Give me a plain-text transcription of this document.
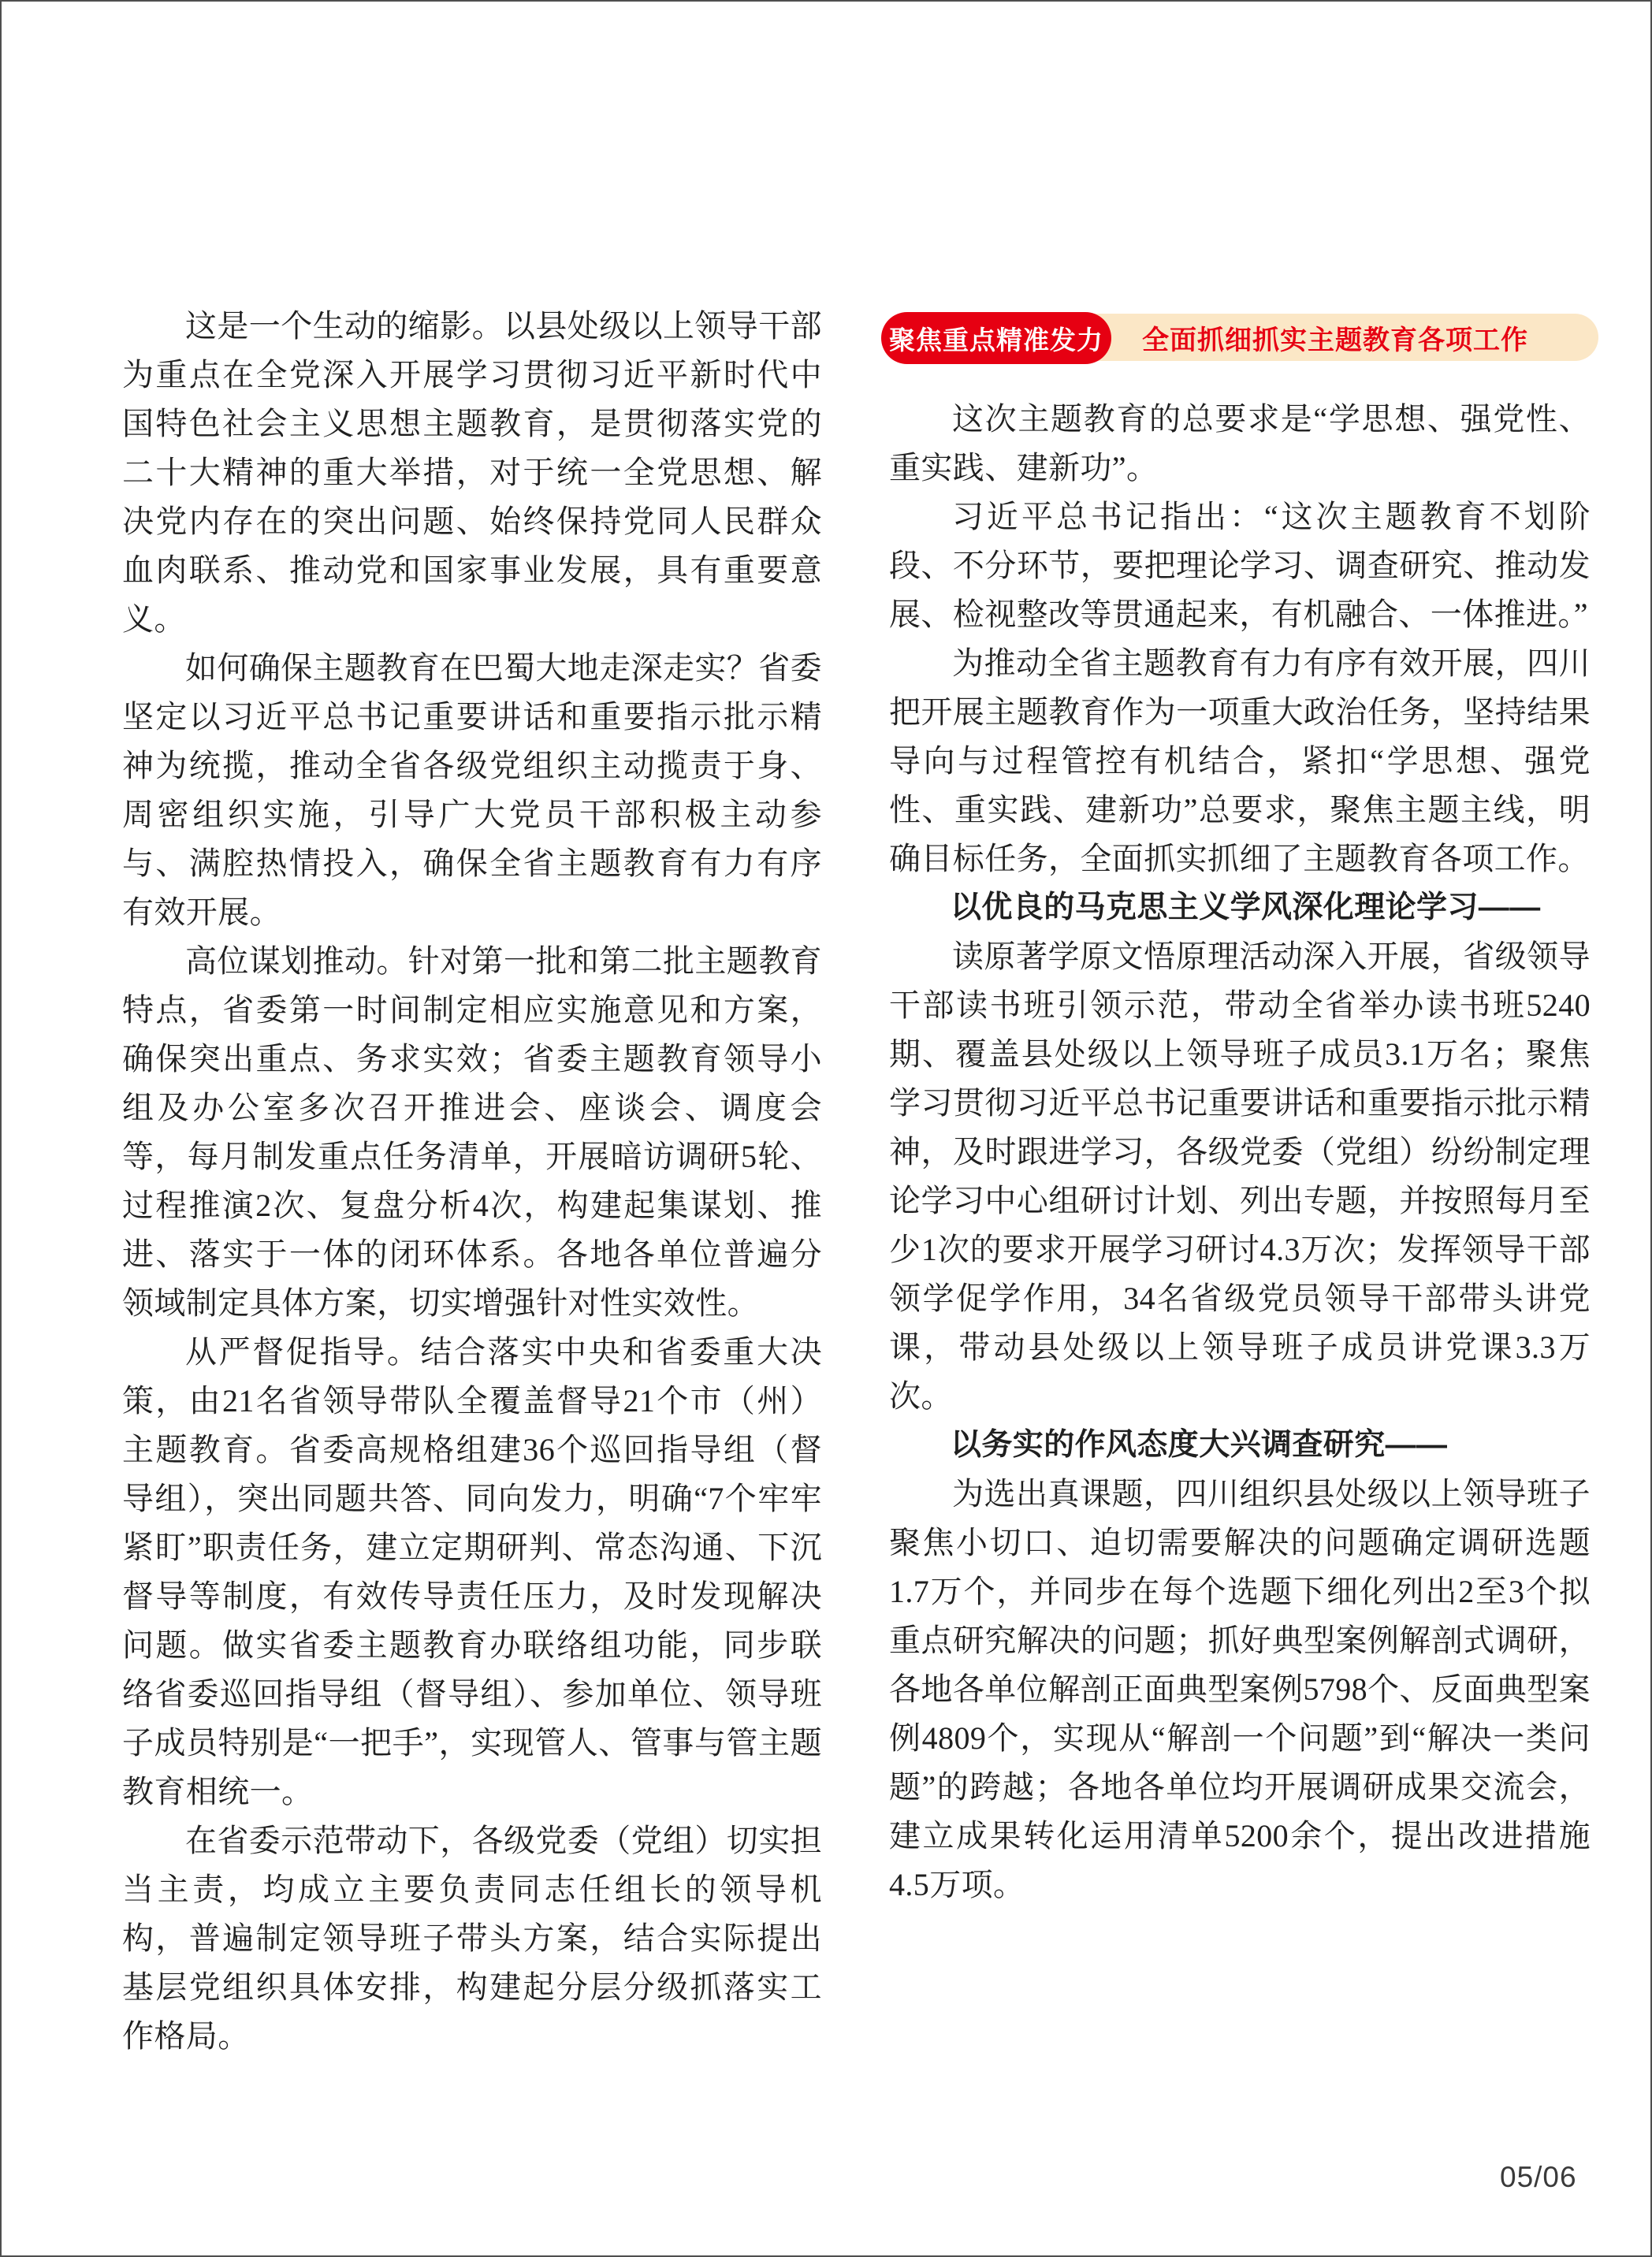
全面抓细抓实主题教育各项工作
聚焦重点精准发力

这是一个生动的缩影。以县处级以上领导干部为重点在全党深入开展学习贯彻习近平新时代中国特色社会主义思想主题教育，是贯彻落实党的二十大精神的重大举措，对于统一全党思想、解决党内存在的突出问题、始终保持党同人民群众血肉联系、推动党和国家事业发展，具有重要意义。

如何确保主题教育在巴蜀大地走深走实？省委坚定以习近平总书记重要讲话和重要指示批示精神为统揽，推动全省各级党组织主动揽责于身、周密组织实施，引导广大党员干部积极主动参与、满腔热情投入，确保全省主题教育有力有序有效开展。

高位谋划推动。针对第一批和第二批主题教育特点，省委第一时间制定相应实施意见和方案，确保突出重点、务求实效；省委主题教育领导小组及办公室多次召开推进会、座谈会、调度会等，每月制发重点任务清单，开展暗访调研5轮、过程推演2次、复盘分析4次，构建起集谋划、推进、落实于一体的闭环体系。各地各单位普遍分领域制定具体方案，切实增强针对性实效性。

从严督促指导。结合落实中央和省委重大决策，由21名省领导带队全覆盖督导21个市（州）主题教育。省委高规格组建36个巡回指导组（督导组），突出同题共答、同向发力，明确“7个牢牢紧盯”职责任务，建立定期研判、常态沟通、下沉督导等制度，有效传导责任压力，及时发现解决问题。做实省委主题教育办联络组功能，同步联络省委巡回指导组（督导组）、参加单位、领导班子成员特别是“一把手”，实现管人、管事与管主题教育相统一。

在省委示范带动下，各级党委（党组）切实担当主责，均成立主要负责同志任组长的领导机构，普遍制定领导班子带头方案，结合实际提出基层党组织具体安排，构建起分层分级抓落实工作格局。

这次主题教育的总要求是“学思想、强党性、重实践、建新功”。

习近平总书记指出：“这次主题教育不划阶段、不分环节，要把理论学习、调查研究、推动发展、检视整改等贯通起来，有机融合、一体推进。”

为推动全省主题教育有力有序有效开展，四川把开展主题教育作为一项重大政治任务，坚持结果导向与过程管控有机结合，紧扣“学思想、强党性、重实践、建新功”总要求，聚焦主题主线，明确目标任务，全面抓实抓细了主题教育各项工作。

以优良的马克思主义学风深化理论学习——

读原著学原文悟原理活动深入开展，省级领导干部读书班引领示范，带动全省举办读书班5240期、覆盖县处级以上领导班子成员3.1万名；聚焦学习贯彻习近平总书记重要讲话和重要指示批示精神，及时跟进学习，各级党委（党组）纷纷制定理论学习中心组研讨计划、列出专题，并按照每月至少1次的要求开展学习研讨4.3万次；发挥领导干部领学促学作用，34名省级党员领导干部带头讲党课，带动县处级以上领导班子成员讲党课3.3万次。

以务实的作风态度大兴调查研究——

为选出真课题，四川组织县处级以上领导班子聚焦小切口、迫切需要解决的问题确定调研选题1.7万个，并同步在每个选题下细化列出2至3个拟重点研究解决的问题；抓好典型案例解剖式调研，各地各单位解剖正面典型案例5798个、反面典型案例4809个，实现从“解剖一个问题”到“解决一类问题”的跨越；各地各单位均开展调研成果交流会，建立成果转化运用清单5200余个，提出改进措施4.5万项。

05/06
